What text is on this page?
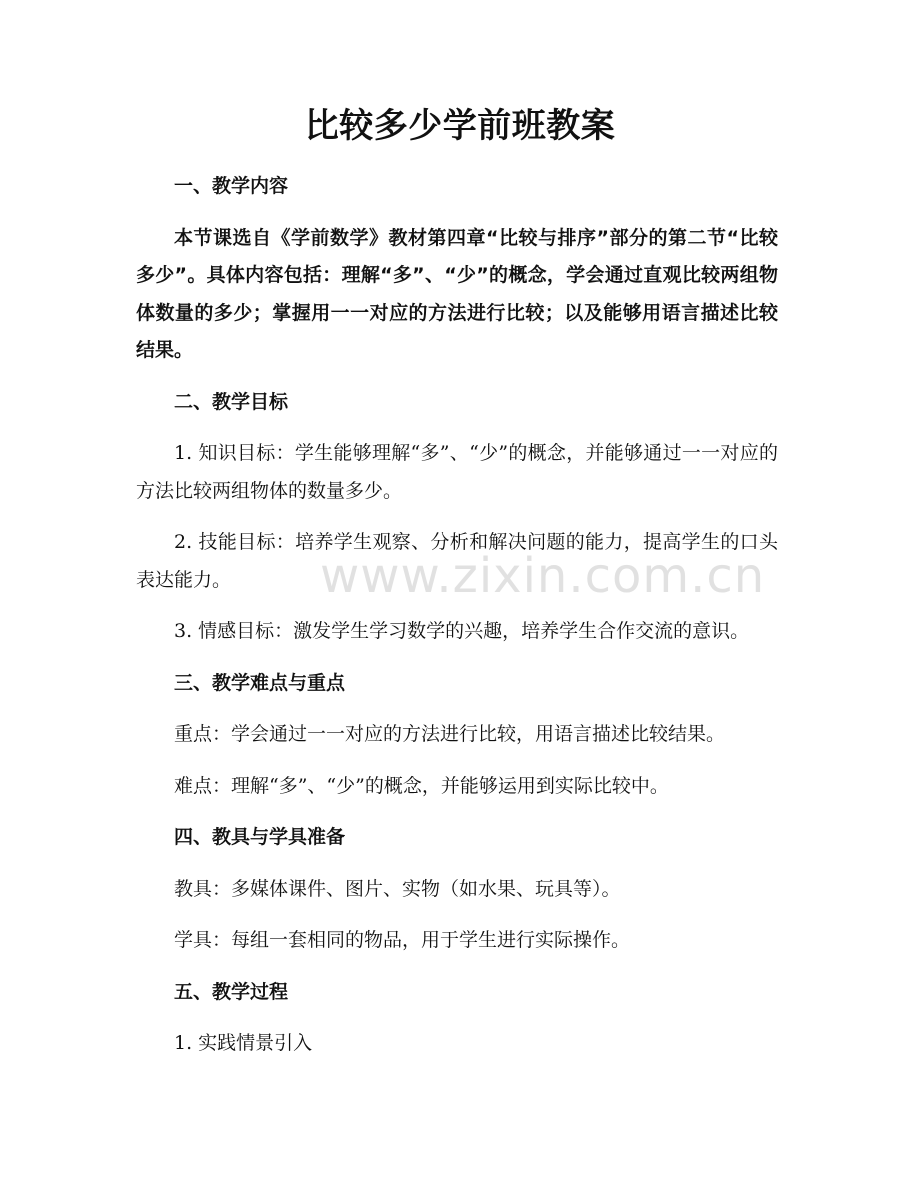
比较多少学前班教案

一、教学内容

本节课选自《学前数学》教材第四章“比较与排序”部分的第二节“比较多少”。具体内容包括：理解“多”、“少”的概念，学会通过直观比较两组物体数量的多少；掌握用一一对应的方法进行比较；以及能够用语言描述比较结果。

二、教学目标

1. 知识目标：学生能够理解“多”、“少”的概念，并能够通过一一对应的方法比较两组物体的数量多少。

2. 技能目标：培养学生观察、分析和解决问题的能力，提高学生的口头表达能力。

3. 情感目标：激发学生学习数学的兴趣，培养学生合作交流的意识。

三、教学难点与重点

重点：学会通过一一对应的方法进行比较，用语言描述比较结果。

难点：理解“多”、“少”的概念，并能够运用到实际比较中。

四、教具与学具准备

教具：多媒体课件、图片、实物（如水果、玩具等）。

学具：每组一套相同的物品，用于学生进行实际操作。

五、教学过程

1. 实践情景引入

www.zixin.com.cn
